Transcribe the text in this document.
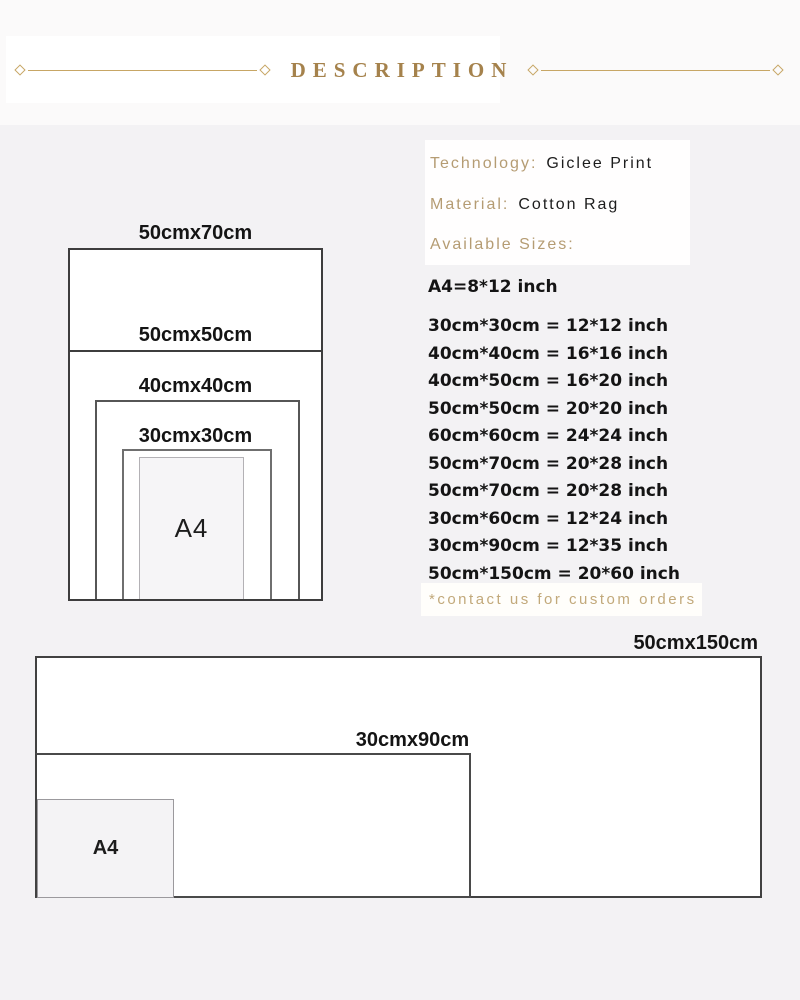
DESCRIPTION
50cmx70cm
50cmx50cm
40cmx40cm
30cmx30cm
A4
Technology: Giclee Print
Material: Cotton Rag
Available Sizes:
A4=8*12 inch
30cm*30cm = 12*12 inch
40cm*40cm = 16*16 inch
40cm*50cm = 16*20 inch
50cm*50cm = 20*20 inch
60cm*60cm = 24*24 inch
50cm*70cm = 20*28 inch
50cm*70cm = 20*28 inch
30cm*60cm = 12*24 inch
30cm*90cm = 12*35 inch
50cm*150cm = 20*60 inch
*contact us for custom orders
50cmx150cm
30cmx90cm
A4
